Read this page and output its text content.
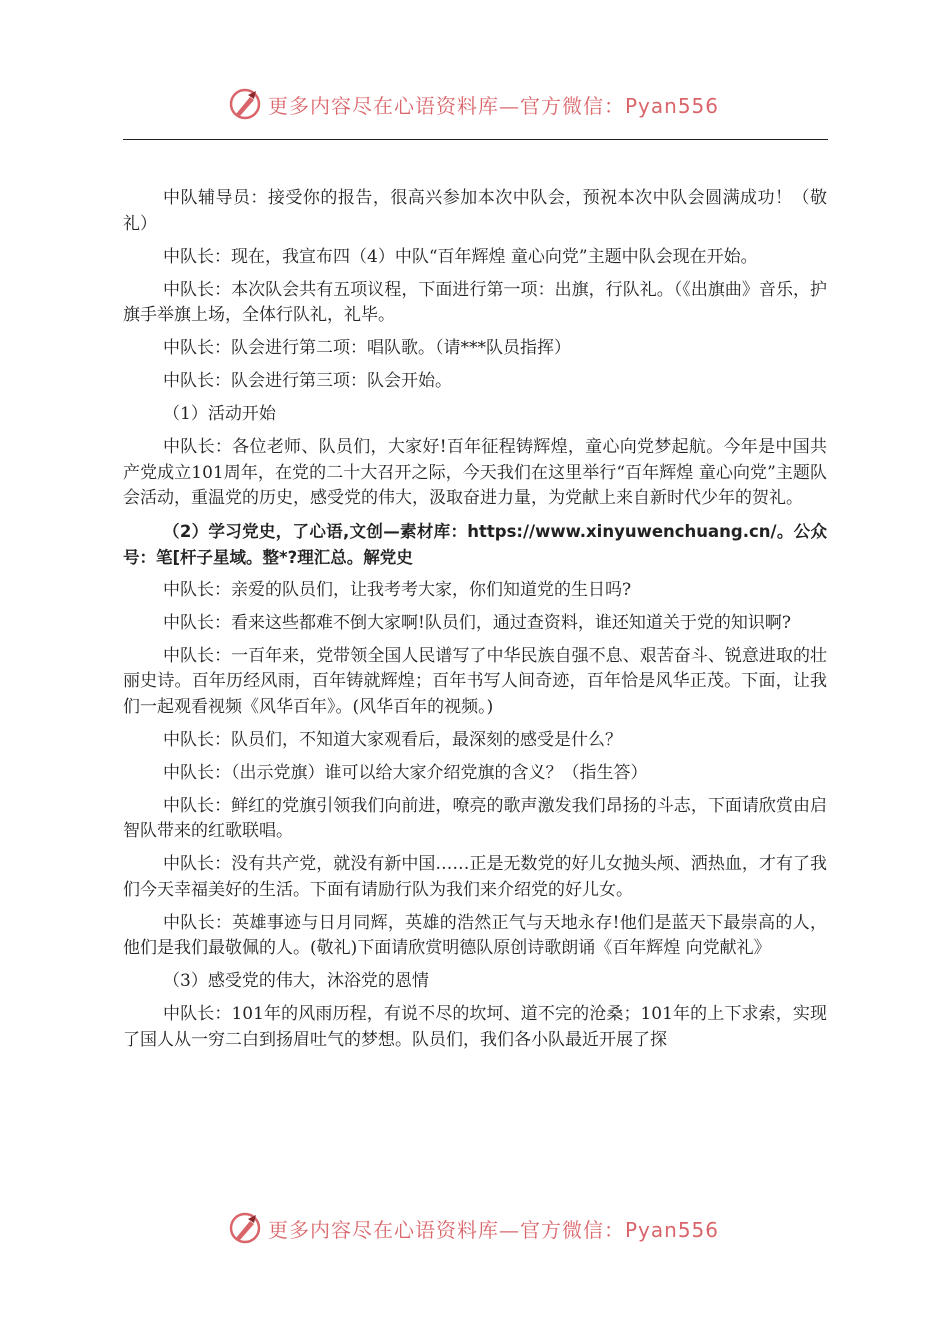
更多内容尽在心语资料库—官方微信：Pyan556

中队辅导员：接受你的报告，很高兴参加本次中队会，预祝本次中队会圆满成功！（敬礼）

中队长：现在，我宣布四（4）中队“百年辉煌 童心向党”主题中队会现在开始。

中队长：本次队会共有五项议程，下面进行第一项：出旗，行队礼。（《出旗曲》音乐，护旗手举旗上场，全体行队礼，礼毕。

中队长：队会进行第二项：唱队歌。（请***队员指挥）

中队长：队会进行第三项：队会开始。

（1）活动开始

中队长：各位老师、队员们，大家好!百年征程铸辉煌，童心向党梦起航。今年是中国共产党成立101周年，在党的二十大召开之际，今天我们在这里举行“百年辉煌 童心向党”主题队会活动，重温党的历史，感受党的伟大，汲取奋进力量，为党献上来自新时代少年的贺礼。

（2）学习党史，了心语,文创—素材库：https://www.xinyuwenchuang.cn/。公众号：笔[杆子星域。整*?理汇总。解党史

中队长：亲爱的队员们，让我考考大家，你们知道党的生日吗?

中队长：看来这些都难不倒大家啊!队员们，通过查资料，谁还知道关于党的知识啊?

中队长：一百年来，党带领全国人民谱写了中华民族自强不息、艰苦奋斗、锐意进取的壮丽史诗。百年历经风雨，百年铸就辉煌；百年书写人间奇迹，百年恰是风华正茂。下面，让我们一起观看视频《风华百年》。(风华百年的视频。)

中队长：队员们，不知道大家观看后，最深刻的感受是什么？

中队长：（出示党旗）谁可以给大家介绍党旗的含义？（指生答）

中队长：鲜红的党旗引领我们向前进，嘹亮的歌声激发我们昂扬的斗志，下面请欣赏由启智队带来的红歌联唱。

中队长：没有共产党，就没有新中国……正是无数党的好儿女抛头颅、洒热血，才有了我们今天幸福美好的生活。下面有请励行队为我们来介绍党的好儿女。

中队长：英雄事迹与日月同辉，英雄的浩然正气与天地永存!他们是蓝天下最崇高的人，他们是我们最敬佩的人。(敬礼)下面请欣赏明德队原创诗歌朗诵《百年辉煌 向党献礼》

（3）感受党的伟大，沐浴党的恩情

中队长：101年的风雨历程，有说不尽的坎坷、道不完的沧桑；101年的上下求索，实现了国人从一穷二白到扬眉吐气的梦想。队员们，我们各小队最近开展了探

更多内容尽在心语资料库—官方微信：Pyan556
